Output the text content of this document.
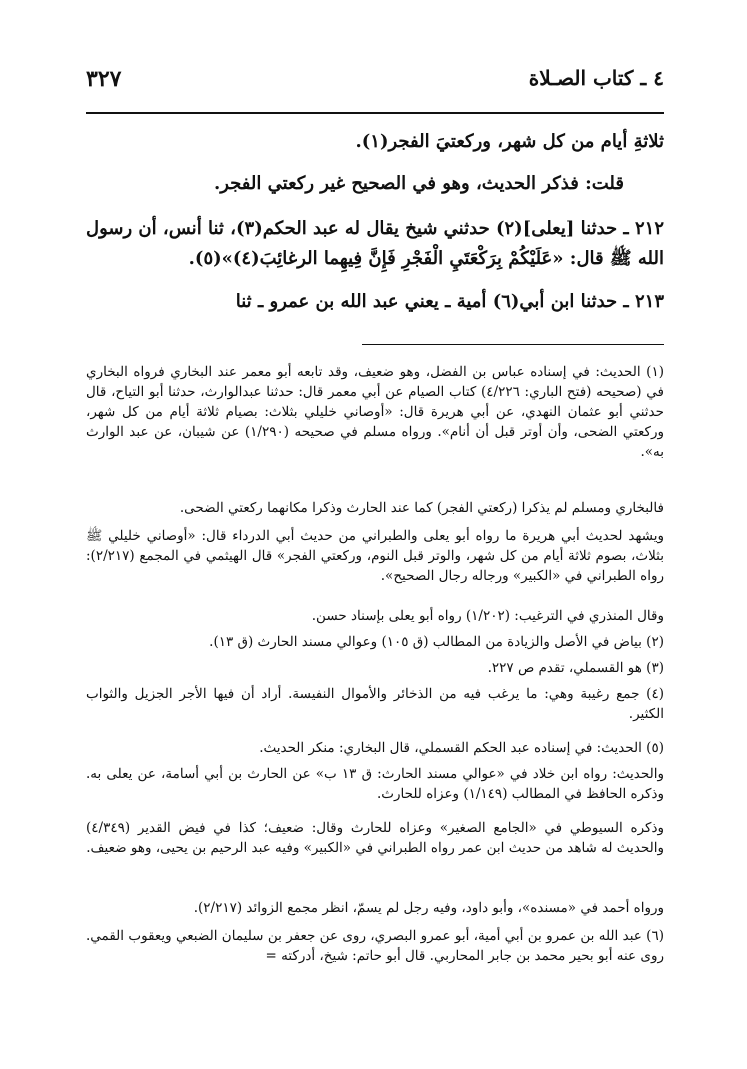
٣٢٧	٤ ـ كتاب الصـلاة
ثلاثةِ أيام من كل شهر، وركعتيَ الفجر(١).
قلت: فذكر الحديث، وهو في الصحيح غير ركعتي الفجر.
٢١٢ ـ حدثنا [يعلى](٢) حدثني شيخ يقال له عبد الحكم(٣)، ثنا أنس، أن رسول الله ﷺ قال: «عَلَيْكُمْ بِرَكْعَتَيِ الْفَجْرِ فَإِنَّ فِيهِما الرغائِبَ(٤)»(٥).
٢١٣ ـ حدثنا ابن أبي(٦) أمية ـ يعني عبد الله بن عمرو ـ ثنا
(١) الحديث: في إسناده عباس بن الفضل، وهو ضعيف، وقد تابعه أبو معمر عند البخاري فرواه البخاري في (صحيحه (فتح الباري: ٤/٢٢٦) كتاب الصيام عن أبي معمر قال: حدثنا عبدالوارث، حدثنا أبو التياح، قال حدثني أبو عثمان النهدي، عن أبي هريرة قال: «أوصاني خليلي بثلاث: بصيام ثلاثة أيام من كل شهر، وركعتي الضحى، وأن أوتر قبل أن أنام». ورواه مسلم في صحيحه (١/٢٩٠) عن شيبان، عن عبد الوارث به».
فالبخاري ومسلم لم يذكرا (ركعتي الفجر) كما عند الحارث وذكرا مكانهما ركعتي الضحى.
ويشهد لحديث أبي هريرة ما رواه أبو يعلى والطبراني من حديث أبي الدرداء قال: «أوصاني خليلي ﷺ بثلاث، بصوم ثلاثة أيام من كل شهر، والوتر قبل النوم، وركعتي الفجر» قال الهيثمي في المجمع (٢/٢١٧): رواه الطبراني في «الكبير» ورجاله رجال الصحيح».
وقال المنذري في الترغيب: (١/٢٠٢) رواه أبو يعلى بإسناد حسن.
(٢) بياض في الأصل والزيادة من المطالب (ق ١٠٥) وعوالي مسند الحارث (ق ١٣).
(٣) هو القسملي، تقدم ص ٢٢٧.
(٤) جمع رغيبة وهي: ما يرغب فيه من الذخائر والأموال النفيسة. أراد أن فيها الأجر الجزيل والثواب الكثير.
(٥) الحديث: في إسناده عبد الحكم القسملي، قال البخاري: منكر الحديث.
والحديث: رواه ابن خلاد في «عوالي مسند الحارث: ق ١٣ ب» عن الحارث بن أبي أسامة، عن يعلى به. وذكره الحافظ في المطالب (١/١٤٩) وعزاه للحارث.
وذكره السيوطي في «الجامع الصغير» وعزاه للحارث وقال: ضعيف؛ كذا في فيض القدير (٤/٣٤٩) والحديث له شاهد من حديث ابن عمر رواه الطبراني في «الكبير» وفيه عبد الرحيم بن يحيى، وهو ضعيف.
ورواه أحمد في «مسنده»، وأبو داود، وفيه رجل لم يسمّ، انظر مجمع الزوائد (٢/٢١٧).
(٦) عبد الله بن عمرو بن أبي أمية، أبو عمرو البصري، روى عن جعفر بن سليمان الضبعي ويعقوب القمي. روى عنه أبو بحير محمد بن جابر المحاربي. قال أبو حاتم: شيخ، أدركته =
